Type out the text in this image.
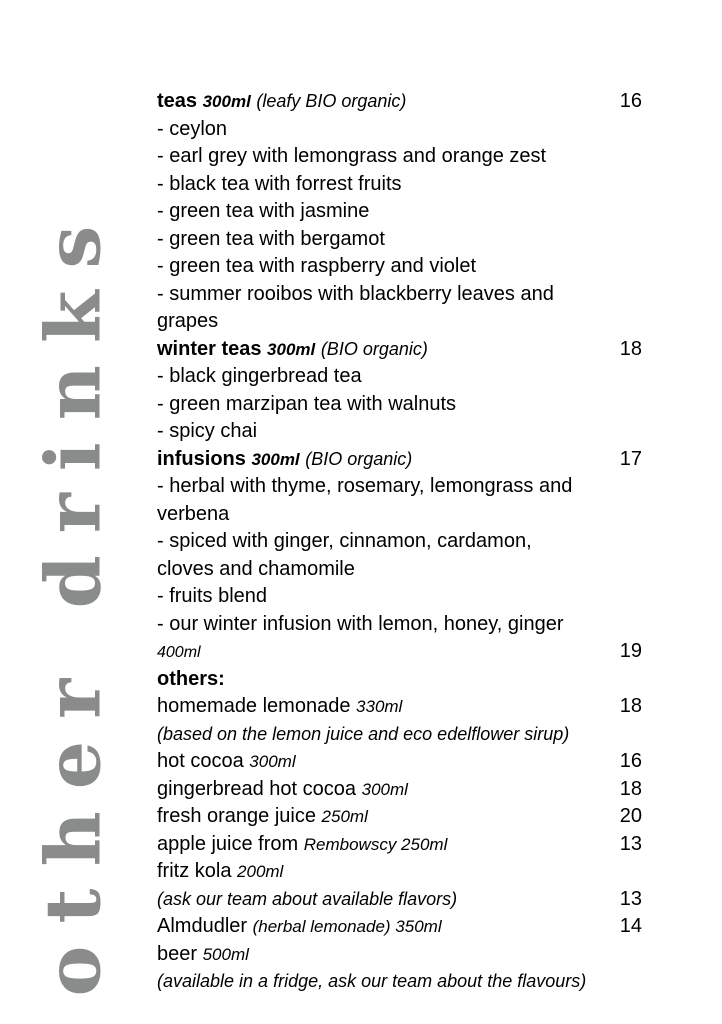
other drinks
teas 300ml (leafy BIO organic)	16
- ceylon
- earl grey with lemongrass and orange zest
- black tea with forrest fruits
- green tea with jasmine
- green tea with bergamot
- green tea with raspberry and violet
- summer rooibos with blackberry leaves and
grapes
winter teas 300ml (BIO organic)	18
- black gingerbread tea
- green marzipan tea with walnuts
- spicy chai
infusions 300ml (BIO organic)	17
- herbal with thyme, rosemary, lemongrass and
verbena
- spiced with ginger, cinnamon, cardamon,
cloves and chamomile
- fruits blend
- our winter infusion with lemon, honey, ginger
400ml	19
others:
homemade lemonade 330ml	18
(based on the lemon juice and eco edelflower sirup)
hot cocoa 300ml	16
gingerbread hot cocoa 300ml	18
fresh orange juice 250ml	20
apple juice from Rembowscy 250ml	13
fritz kola 200ml
(ask our team about available flavors)	13
Almdudler (herbal lemonade) 350ml	14
beer 500ml
(available in a fridge, ask our team about the flavours)
